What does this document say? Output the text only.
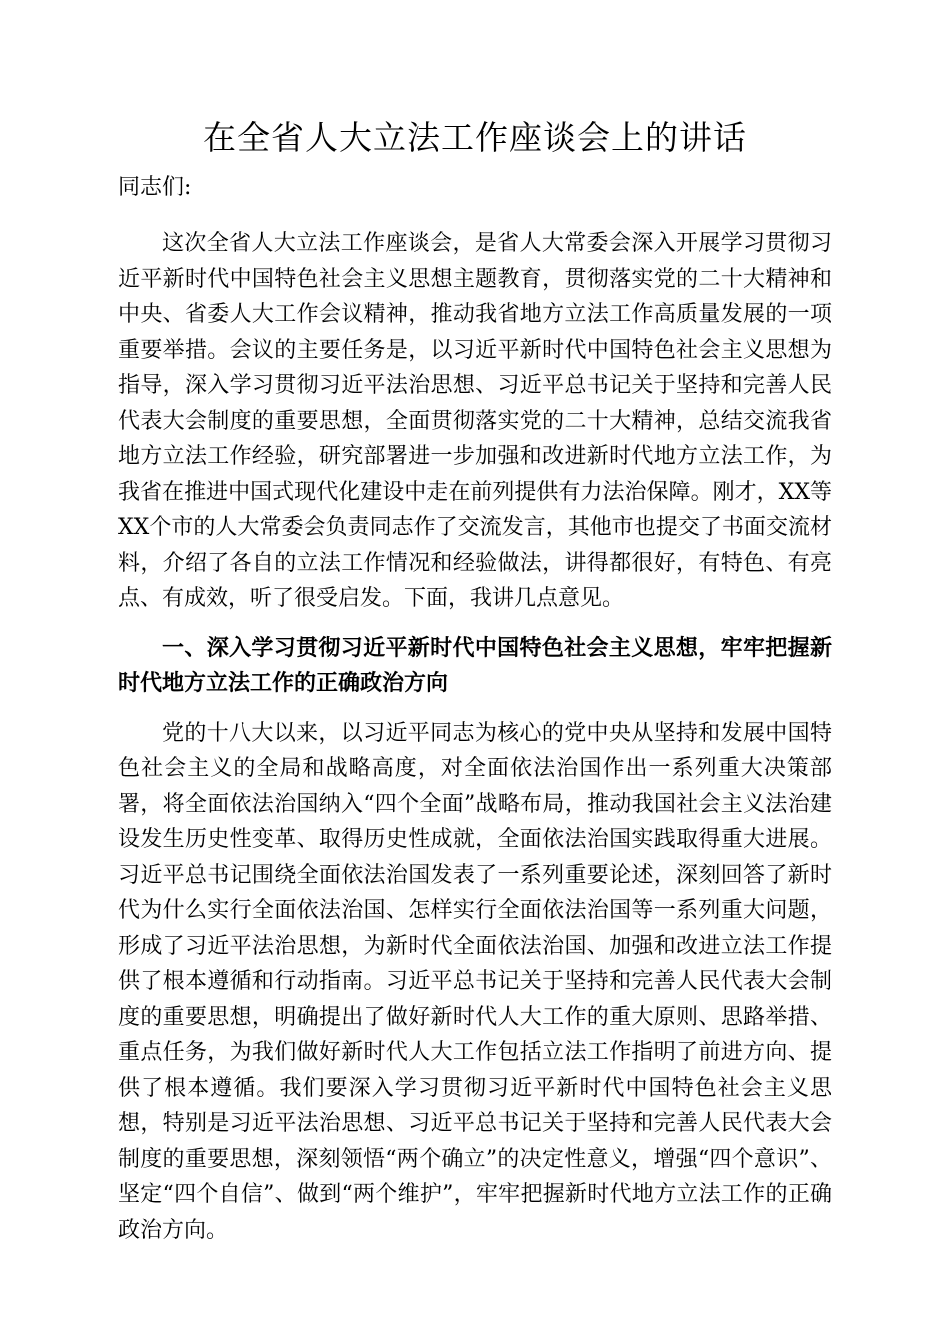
在全省人大立法工作座谈会上的讲话

同志们:

这次全省人大立法工作座谈会，是省人大常委会深入开展学习贯彻习近平新时代中国特色社会主义思想主题教育，贯彻落实党的二十大精神和中央、省委人大工作会议精神，推动我省地方立法工作高质量发展的一项重要举措。会议的主要任务是，以习近平新时代中国特色社会主义思想为指导，深入学习贯彻习近平法治思想、习近平总书记关于坚持和完善人民代表大会制度的重要思想，全面贯彻落实党的二十大精神，总结交流我省地方立法工作经验，研究部署进一步加强和改进新时代地方立法工作，为我省在推进中国式现代化建设中走在前列提供有力法治保障。刚才，XX等XX个市的人大常委会负责同志作了交流发言，其他市也提交了书面交流材料，介绍了各自的立法工作情况和经验做法，讲得都很好，有特色、有亮点、有成效，听了很受启发。下面，我讲几点意见。

一、深入学习贯彻习近平新时代中国特色社会主义思想，牢牢把握新时代地方立法工作的正确政治方向

党的十八大以来，以习近平同志为核心的党中央从坚持和发展中国特色社会主义的全局和战略高度，对全面依法治国作出一系列重大决策部署，将全面依法治国纳入“四个全面”战略布局，推动我国社会主义法治建设发生历史性变革、取得历史性成就，全面依法治国实践取得重大进展。习近平总书记围绕全面依法治国发表了一系列重要论述，深刻回答了新时代为什么实行全面依法治国、怎样实行全面依法治国等一系列重大问题，形成了习近平法治思想，为新时代全面依法治国、加强和改进立法工作提供了根本遵循和行动指南。习近平总书记关于坚持和完善人民代表大会制度的重要思想，明确提出了做好新时代人大工作的重大原则、思路举措、重点任务，为我们做好新时代人大工作包括立法工作指明了前进方向、提供了根本遵循。我们要深入学习贯彻习近平新时代中国特色社会主义思想，特别是习近平法治思想、习近平总书记关于坚持和完善人民代表大会制度的重要思想，深刻领悟“两个确立”的决定性意义，增强“四个意识”、坚定“四个自信”、做到“两个维护”，牢牢把握新时代地方立法工作的正确政治方向。
